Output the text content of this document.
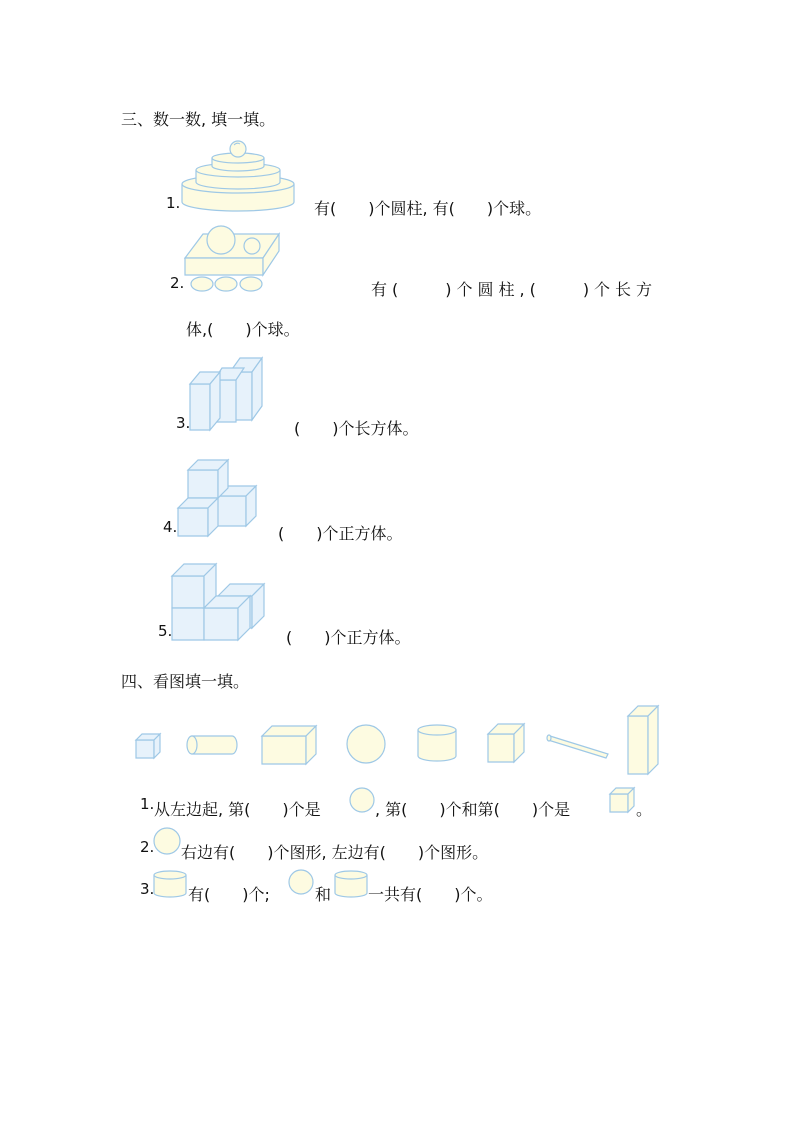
三、数一数, 填一填。
1.	有(　　)个圆柱, 有(　　)个球。
2.	有(　　)个圆柱,(　　)个长方
体,(　　)个球。
3.	(　　)个长方体。
4.	(　　)个正方体。
5.	(　　)个正方体。
四、看图填一填。
1. 从左边起, 第(　　)个是	, 第(　　)个和第(　　)个是	。
2. 右边有(　　)个图形, 左边有(　　)个图形。
3. 有(　　)个;	和 一共有(　　)个。
